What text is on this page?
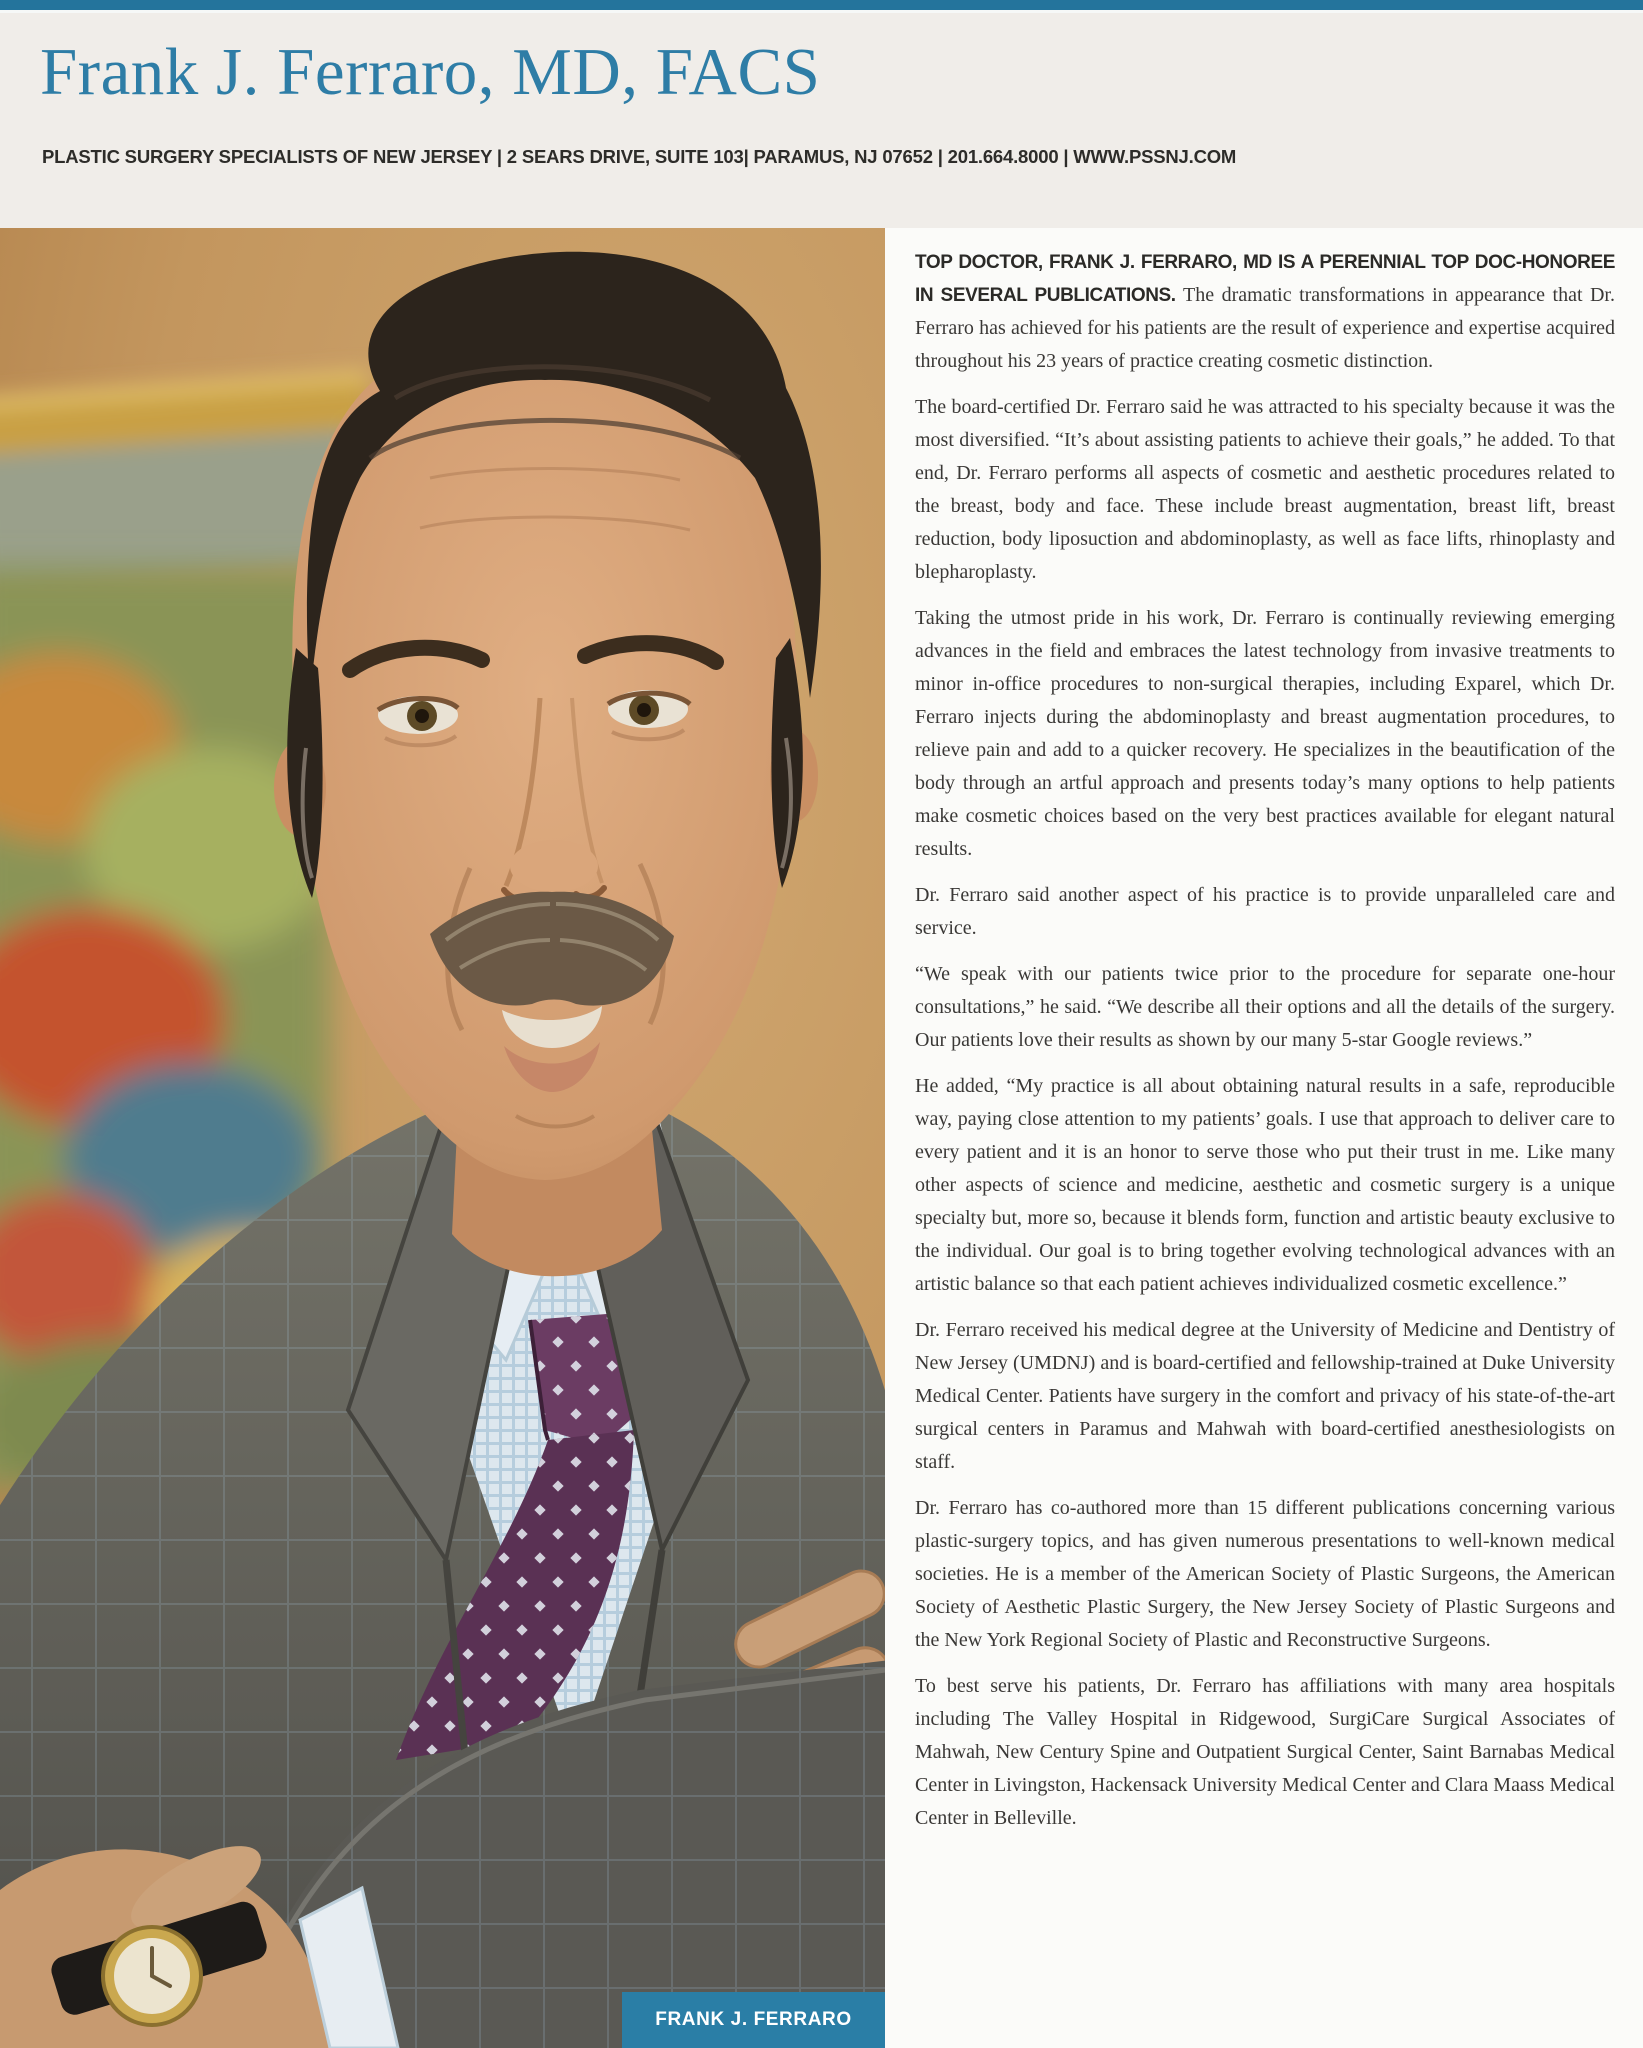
Frank J. Ferraro, MD, FACS
PLASTIC SURGERY SPECIALISTS OF NEW JERSEY | 2 SEARS DRIVE, SUITE 103| PARAMUS, NJ 07652 | 201.664.8000 | WWW.PSSNJ.COM
FRANK J. FERRARO

TOP DOCTOR, FRANK J. FERRARO, MD IS A PERENNIAL TOP DOC-HONOREE IN SEVERAL PUBLICATIONS. The dramatic transformations in appearance that Dr. Ferraro has achieved for his patients are the result of experience and expertise acquired throughout his 23 years of practice creating cosmetic distinction.

The board-certified Dr. Ferraro said he was attracted to his specialty because it was the most diversified. “It’s about assisting patients to achieve their goals,” he added. To that end, Dr. Ferraro performs all aspects of cosmetic and aesthetic procedures related to the breast, body and face. These include breast augmentation, breast lift, breast reduction, body liposuction and abdominoplasty, as well as face lifts, rhinoplasty and blepharoplasty.

Taking the utmost pride in his work, Dr. Ferraro is continually reviewing emerging advances in the field and embraces the latest technology from invasive treatments to minor in-office procedures to non-surgical therapies, including Exparel, which Dr. Ferraro injects during the abdominoplasty and breast augmentation procedures, to relieve pain and add to a quicker recovery. He specializes in the beautification of the body through an artful approach and presents today’s many options to help patients make cosmetic choices based on the very best practices available for elegant natural results.

Dr. Ferraro said another aspect of his practice is to provide unparalleled care and service.

“We speak with our patients twice prior to the procedure for separate one-hour consultations,” he said. “We describe all their options and all the details of the surgery. Our patients love their results as shown by our many 5-star Google reviews.”

He added, “My practice is all about obtaining natural results in a safe, reproducible way, paying close attention to my patients’ goals. I use that approach to deliver care to every patient and it is an honor to serve those who put their trust in me. Like many other aspects of science and medicine, aesthetic and cosmetic surgery is a unique specialty but, more so, because it blends form, function and artistic beauty exclusive to the individual. Our goal is to bring together evolving technological advances with an artistic balance so that each patient achieves individualized cosmetic excellence.”

Dr. Ferraro received his medical degree at the University of Medicine and Dentistry of New Jersey (UMDNJ) and is board-certified and fellowship-trained at Duke University Medical Center. Patients have surgery in the comfort and privacy of his state-of-the-art surgical centers in Paramus and Mahwah with board-certified anesthesiologists on staff.

Dr. Ferraro has co-authored more than 15 different publications concerning various plastic-surgery topics, and has given numerous presentations to well-known medical societies. He is a member of the American Society of Plastic Surgeons, the American Society of Aesthetic Plastic Surgery, the New Jersey Society of Plastic Surgeons and the New York Regional Society of Plastic and Reconstructive Surgeons.

To best serve his patients, Dr. Ferraro has affiliations with many area hospitals including The Valley Hospital in Ridgewood, SurgiCare Surgical Associates of Mahwah, New Century Spine and Outpatient Surgical Center, Saint Barnabas Medical Center in Livingston, Hackensack University Medical Center and Clara Maass Medical Center in Belleville.
